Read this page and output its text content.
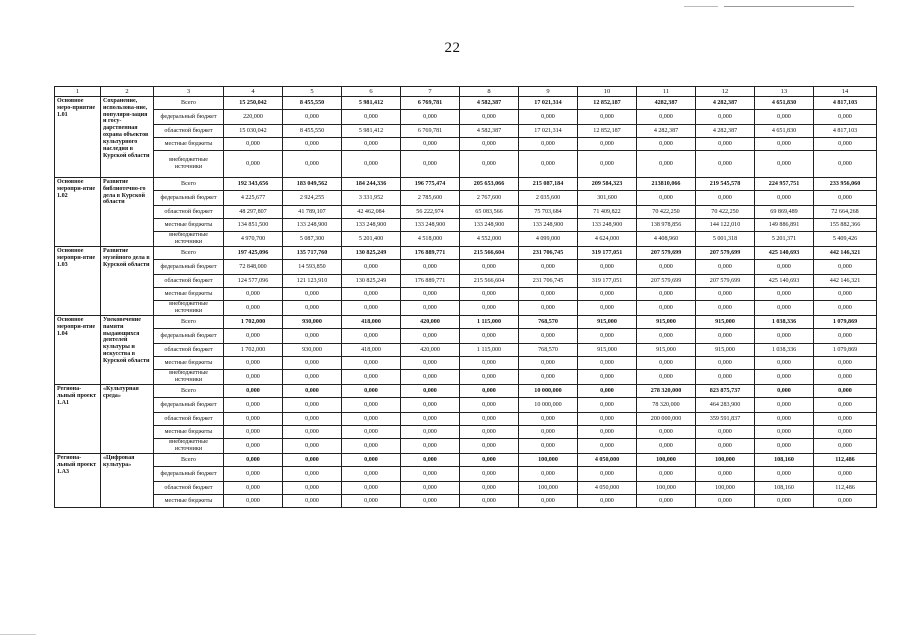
22
1	2	3	4	5	6	7	8	9	10	11	12	13	14
Основное меро-приятие 1.01	Сохранение, использова-ние, популяри-зация и госу-дарственная охрана объектов культурного наследия в Курской области	Всего	15 250,042	8 455,550	5 981,412	6 769,781	4 582,387	17 021,314	12 852,187	4282,387	4 282,387	4 651,830	4 817,103
		федеральный бюджет	220,000	0,000	0,000	0,000	0,000	0,000	0,000	0,000	0,000	0,000	0,000
		областной бюджет	15 030,042	8 455,550	5 981,412	6 769,781	4 582,387	17 021,314	12 852,187	4 282,387	4 282,387	4 651,830	4 817,103
		местные бюджеты	0,000	0,000	0,000	0,000	0,000	0,000	0,000	0,000	0,000	0,000	0,000
		внебюджетные источники	0,000	0,000	0,000	0,000	0,000	0,000	0,000	0,000	0,000	0,000	0,000
Основное меропри-ятие 1.02	Развитие библиотечно-го дела в Курской области	Всего	192 343,656	183 049,562	184 244,336	196 775,474	205 653,066	215 087,184	209 584,323	213810,066	219 545,578	224 957,751	233 956,060
		федеральный бюджет	4 225,677	2 924,255	3 331,952	2 785,600	2 767,600	2 035,600	301,600	0,000	0,000	0,000	0,000
		областной бюджет	48 297,807	41 789,107	42 462,084	56 222,974	65 083,566	75 703,684	71 409,822	70 422,250	70 422,250	69 869,489	72 664,268
		местные бюджеты	134 851,500	133 248,900	133 248,900	133 248,900	133 248,900	133 248,900	133 248,900	138 978,856	144 122,010	149 886,891	155 882,366
		внебюджетные источники	4 970,700	5 087,300	5 201,400	4 518,000	4 552,000	4 099,000	4 624,000	4 408,960	5 001,318	5 201,371	5 409,426
Основное меропри-ятие 1.03	Развитие музейного дела в Курской области	Всего	197 425,096	135 717,760	130 825,249	176 889,771	215 566,604	231 706,745	319 177,051	207 579,699	207 579,699	425 140,693	442 146,321
		федеральный бюджет	72 848,000	14 593,850	0,000	0,000	0,000	0,000	0,000	0,000	0,000	0,000	0,000
		областной бюджет	124 577,096	121 123,910	130 825,249	176 889,771	215 566,604	231 706,745	319 177,051	207 579,699	207 579,699	425 140,693	442 146,321
		местные бюджеты	0,000	0,000	0,000	0,000	0,000	0,000	0,000	0,000	0,000	0,000	0,000
		внебюджетные источники	0,000	0,000	0,000	0,000	0,000	0,000	0,000	0,000	0,000	0,000	0,000
Основное меропри-ятие 1.04	Увековечение памяти выдающихся деятелей культуры и искусства в Курской области	Всего	1 702,000	930,000	418,000	420,000	1 115,000	768,570	915,000	915,000	915,000	1 038,336	1 079,869
		федеральный бюджет	0,000	0,000	0,000	0,000	0,000	0,000	0,000	0,000	0,000	0,000	0,000
		областной бюджет	1 702,000	930,000	418,000	420,000	1 115,000	768,570	915,000	915,000	915,000	1 038,336	1 079,869
		местные бюджеты	0,000	0,000	0,000	0,000	0,000	0,000	0,000	0,000	0,000	0,000	0,000
		внебюджетные источники	0,000	0,000	0,000	0,000	0,000	0,000	0,000	0,000	0,000	0,000	0,000
Регионa-льный проект 1.А1	«Культурная среда»	Всего	0,000	0,000	0,000	0,000	0,000	10 000,000	0,000	278 320,000	823 875,737	0,000	0,000
		федеральный бюджет	0,000	0,000	0,000	0,000	0,000	10 000,000	0,000	78 320,000	464 283,900	0,000	0,000
		областной бюджет	0,000	0,000	0,000	0,000	0,000	0,000	0,000	200 000,000	359 591,837	0,000	0,000
		местные бюджеты	0,000	0,000	0,000	0,000	0,000	0,000	0,000	0,000	0,000	0,000	0,000
		внебюджетные источники	0,000	0,000	0,000	0,000	0,000	0,000	0,000	0,000	0,000	0,000	0,000
Региона-льный проект 1.А3	«Цифровая культура»	Всего	0,000	0,000	0,000	0,000	0,000	100,000	4 050,000	100,000	100,000	108,160	112,486
		федеральный бюджет	0,000	0,000	0,000	0,000	0,000	0,000	0,000	0,000	0,000	0,000	0,000
		областной бюджет	0,000	0,000	0,000	0,000	0,000	100,000	4 050,000	100,000	100,000	108,160	112,486
		местные бюджеты	0,000	0,000	0,000	0,000	0,000	0,000	0,000	0,000	0,000	0,000	0,000
